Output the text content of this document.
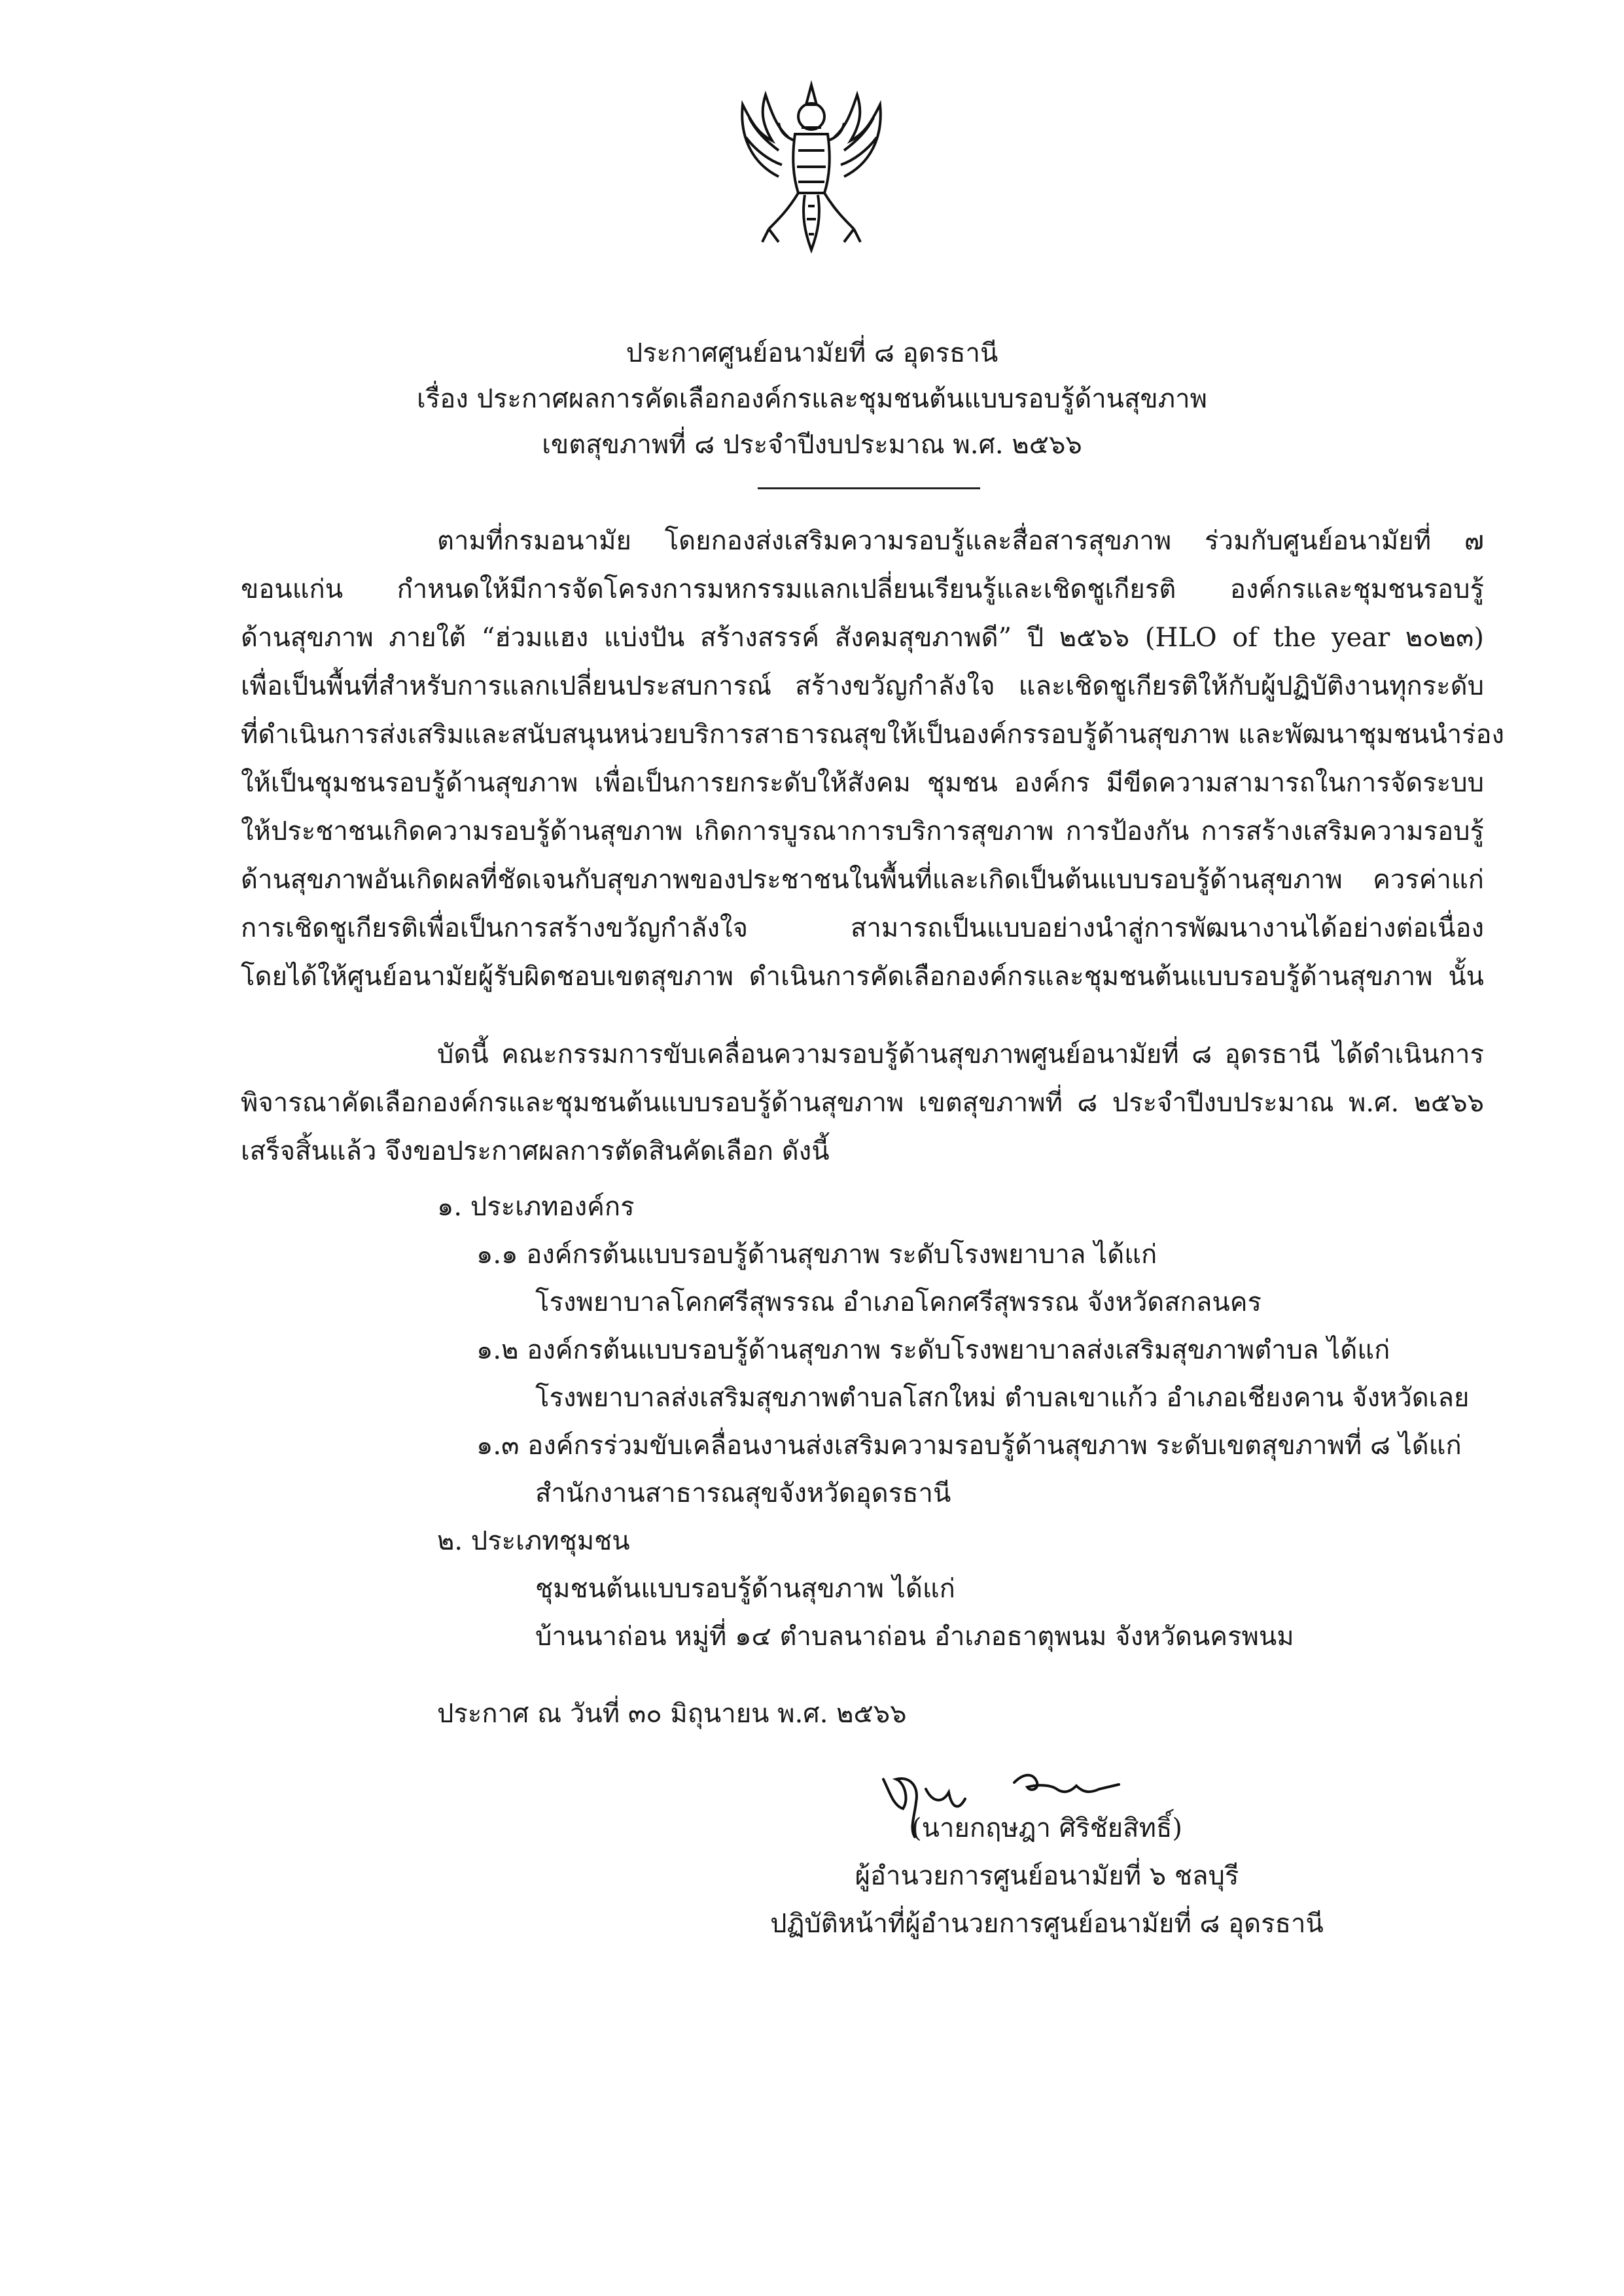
ประกาศศูนย์อนามัยที่ ๘ อุดรธานี
เรื่อง ประกาศผลการคัดเลือกองค์กรและชุมชนต้นแบบรอบรู้ด้านสุขภาพ
เขตสุขภาพที่ ๘ ประจำปีงบประมาณ พ.ศ. ๒๕๖๖
ตามที่กรมอนามัย โดยกองส่งเสริมความรอบรู้และสื่อสารสุขภาพ ร่วมกับศูนย์อนามัยที่ ๗
ขอนแก่น กำหนดให้มีการจัดโครงการมหกรรมแลกเปลี่ยนเรียนรู้และเชิดชูเกียรติ องค์กรและชุมชนรอบรู้
ด้านสุขภาพ ภายใต้ “ฮ่วมแฮง แบ่งปัน สร้างสรรค์ สังคมสุขภาพดี” ปี ๒๕๖๖ (HLO of the year ๒๐๒๓)
เพื่อเป็นพื้นที่สำหรับการแลกเปลี่ยนประสบการณ์ สร้างขวัญกำลังใจ และเชิดชูเกียรติให้กับผู้ปฏิบัติงานทุกระดับ
ที่ดำเนินการส่งเสริมและสนับสนุนหน่วยบริการสาธารณสุขให้เป็นองค์กรรอบรู้ด้านสุขภาพ และพัฒนาชุมชนนำร่อง
ให้เป็นชุมชนรอบรู้ด้านสุขภาพ เพื่อเป็นการยกระดับให้สังคม ชุมชน องค์กร มีขีดความสามารถในการจัดระบบ
ให้ประชาชนเกิดความรอบรู้ด้านสุขภาพ เกิดการบูรณาการบริการสุขภาพ การป้องกัน การสร้างเสริมความรอบรู้
ด้านสุขภาพอันเกิดผลที่ชัดเจนกับสุขภาพของประชาชนในพื้นที่และเกิดเป็นต้นแบบรอบรู้ด้านสุขภาพ ควรค่าแก่
การเชิดชูเกียรติเพื่อเป็นการสร้างขวัญกำลังใจ สามารถเป็นแบบอย่างนำสู่การพัฒนางานได้อย่างต่อเนื่อง
โดยได้ให้ศูนย์อนามัยผู้รับผิดชอบเขตสุขภาพ ดำเนินการคัดเลือกองค์กรและชุมชนต้นแบบรอบรู้ด้านสุขภาพ นั้น
บัดนี้ คณะกรรมการขับเคลื่อนความรอบรู้ด้านสุขภาพศูนย์อนามัยที่ ๘ อุดรธานี ได้ดำเนินการ
พิจารณาคัดเลือกองค์กรและชุมชนต้นแบบรอบรู้ด้านสุขภาพ เขตสุขภาพที่ ๘ ประจำปีงบประมาณ พ.ศ. ๒๕๖๖
เสร็จสิ้นแล้ว จึงขอประกาศผลการตัดสินคัดเลือก ดังนี้
๑. ประเภทองค์กร
๑.๑ องค์กรต้นแบบรอบรู้ด้านสุขภาพ ระดับโรงพยาบาล ได้แก่
โรงพยาบาลโคกศรีสุพรรณ อำเภอโคกศรีสุพรรณ จังหวัดสกลนคร
๑.๒ องค์กรต้นแบบรอบรู้ด้านสุขภาพ ระดับโรงพยาบาลส่งเสริมสุขภาพตำบล ได้แก่
โรงพยาบาลส่งเสริมสุขภาพตำบลโสกใหม่ ตำบลเขาแก้ว อำเภอเชียงคาน จังหวัดเลย
๑.๓ องค์กรร่วมขับเคลื่อนงานส่งเสริมความรอบรู้ด้านสุขภาพ ระดับเขตสุขภาพที่ ๘ ได้แก่
สำนักงานสาธารณสุขจังหวัดอุดรธานี
๒. ประเภทชุมชน
ชุมชนต้นแบบรอบรู้ด้านสุขภาพ ได้แก่
บ้านนาถ่อน หมู่ที่ ๑๔ ตำบลนาถ่อน อำเภอธาตุพนม จังหวัดนครพนม
ประกาศ ณ วันที่ ๓๐ มิถุนายน พ.ศ. ๒๕๖๖
(นายกฤษฎา ศิริชัยสิทธิ์)
ผู้อำนวยการศูนย์อนามัยที่ ๖ ชลบุรี
ปฏิบัติหน้าที่ผู้อำนวยการศูนย์อนามัยที่ ๘ อุดรธานี
